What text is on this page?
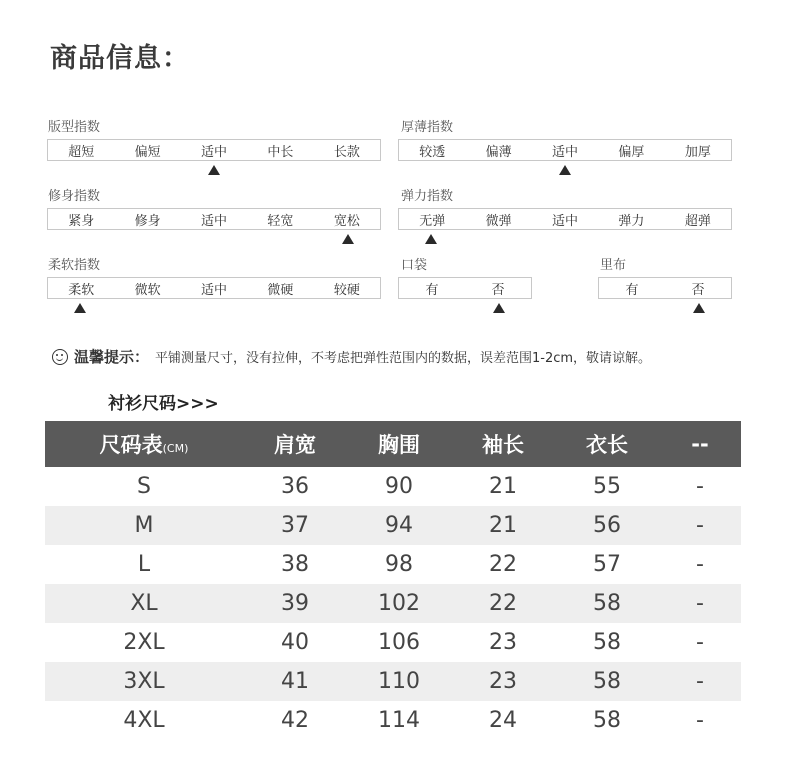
商品信息：
版型指数
超短	偏短	适中	中长	长款
厚薄指数
较透	偏薄	适中	偏厚	加厚
修身指数
紧身	修身	适中	轻宽	宽松
弹力指数
无弹	微弹	适中	弹力	超弹
柔软指数
柔软	微软	适中	微硬	较硬
口袋
有	否
里布
有	否
温馨提示： 平铺测量尺寸，没有拉伸，不考虑把弹性范围内的数据，误差范围1-2cm，敬请谅解。
衬衫尺码>>>
尺码表(CM)	肩宽	胸围	袖长	衣长	--
S	36	90	21	55	-
M	37	94	21	56	-
L	38	98	22	57	-
XL	39	102	22	58	-
2XL	40	106	23	58	-
3XL	41	110	23	58	-
4XL	42	114	24	58	-
